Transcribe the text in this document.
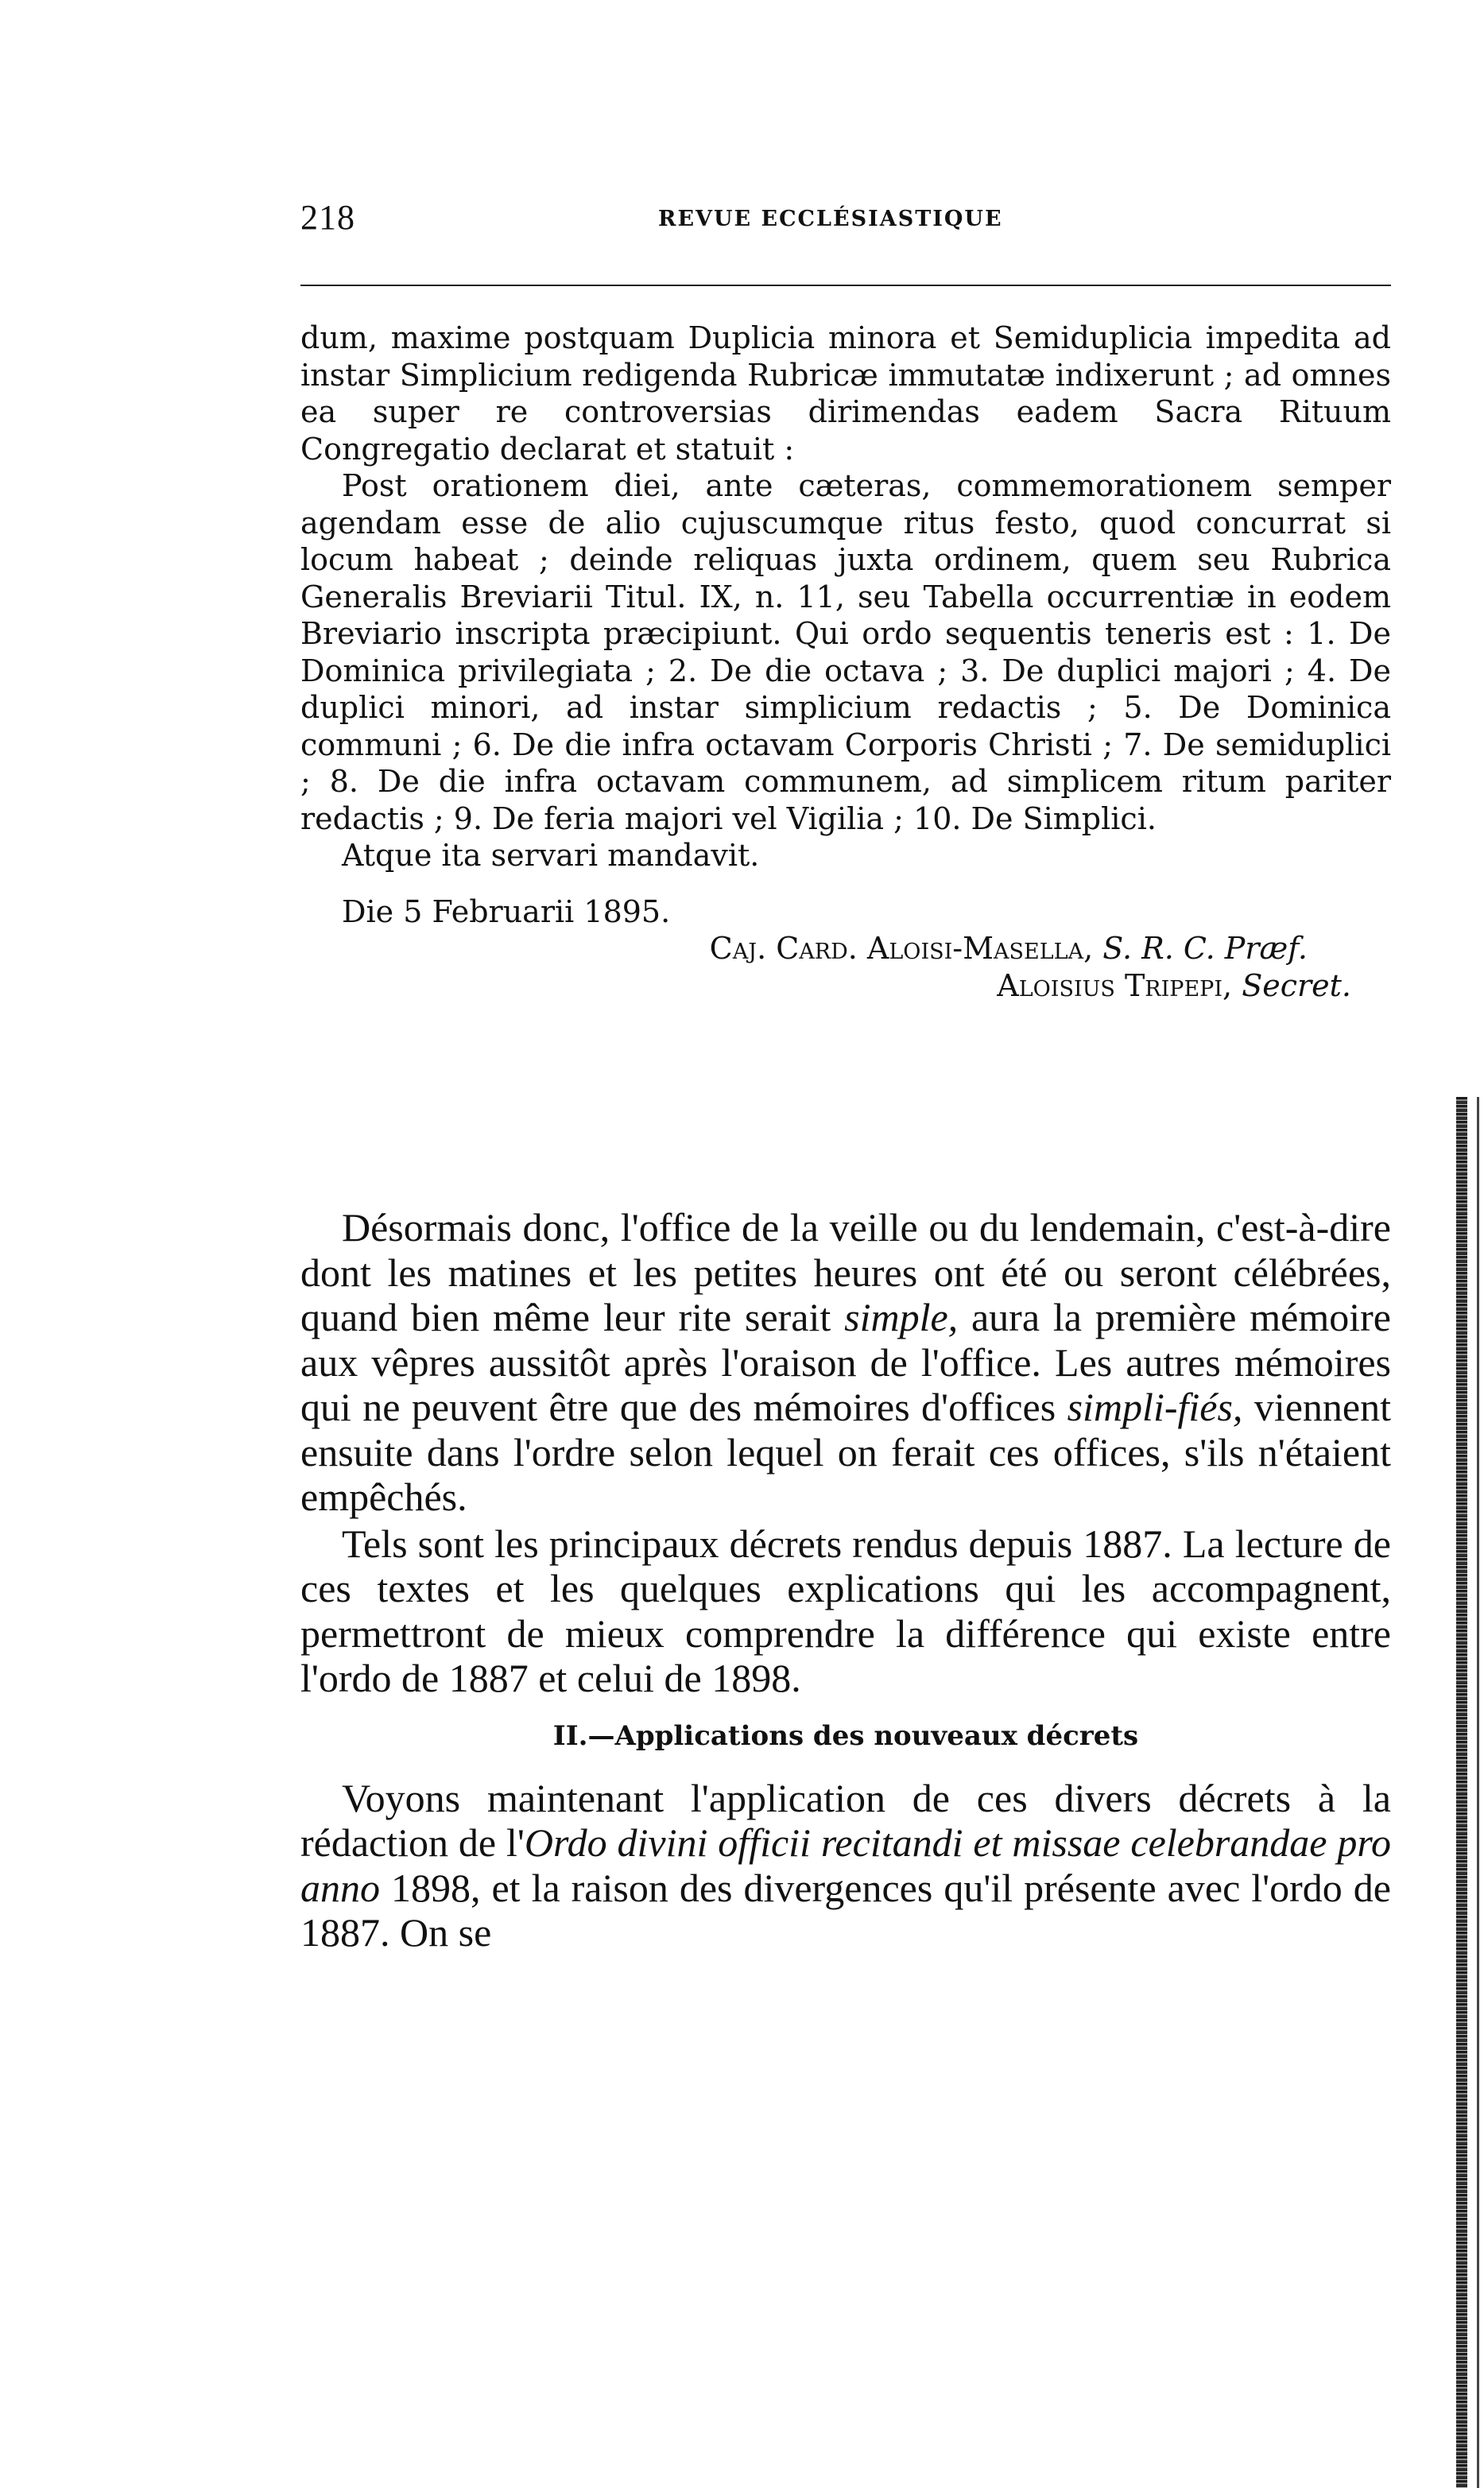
218	REVUE ECCLÉSIASTIQUE

dum, maxime postquam Duplicia minora et Semiduplicia impedita ad instar Simplicium redigenda Rubricæ immutatæ indixerunt ; ad omnes ea super re controversias dirimendas eadem Sacra Rituum Congregatio declarat et statuit :

Post orationem diei, ante cæteras, commemorationem semper agendam esse de alio cujuscumque ritus festo, quod concurrat si locum habeat ; deinde reliquas juxta ordinem, quem seu Rubrica Generalis Breviarii Titul. IX, n. 11, seu Tabella occurrentiæ in eodem Breviario inscripta præcipiunt. Qui ordo sequentis teneris est : 1. De Dominica privilegiata ; 2. De die octava ; 3. De duplici majori ; 4. De duplici minori, ad instar simplicium redactis ; 5. De Dominica communi ; 6. De die infra octavam Corporis Christi ; 7. De semiduplici ; 8. De die infra octavam communem, ad simplicem ritum pariter redactis ; 9. De feria majori vel Vigilia ; 10. De Simplici.

Atque ita servari mandavit.

Die 5 Februarii 1895.

Caj. Card. Aloisi-Masella, S. R. C. Præf.

Aloisius Tripepi, Secret.

Désormais donc, l'office de la veille ou du lendemain, c'est-à-dire dont les matines et les petites heures ont été ou seront célébrées, quand bien même leur rite serait simple, aura la première mémoire aux vêpres aussitôt après l'oraison de l'office. Les autres mémoires qui ne peuvent être que des mémoires d'offices simpli-fiés, viennent ensuite dans l'ordre selon lequel on ferait ces offices, s'ils n'étaient empêchés.

Tels sont les principaux décrets rendus depuis 1887. La lecture de ces textes et les quelques explications qui les accompagnent, permettront de mieux comprendre la différence qui existe entre l'ordo de 1887 et celui de 1898.

II.—Applications des nouveaux décrets

Voyons maintenant l'application de ces divers décrets à la rédaction de l'Ordo divini officii recitandi et missae celebrandae pro anno 1898, et la raison des divergences qu'il présente avec l'ordo de 1887. On se
